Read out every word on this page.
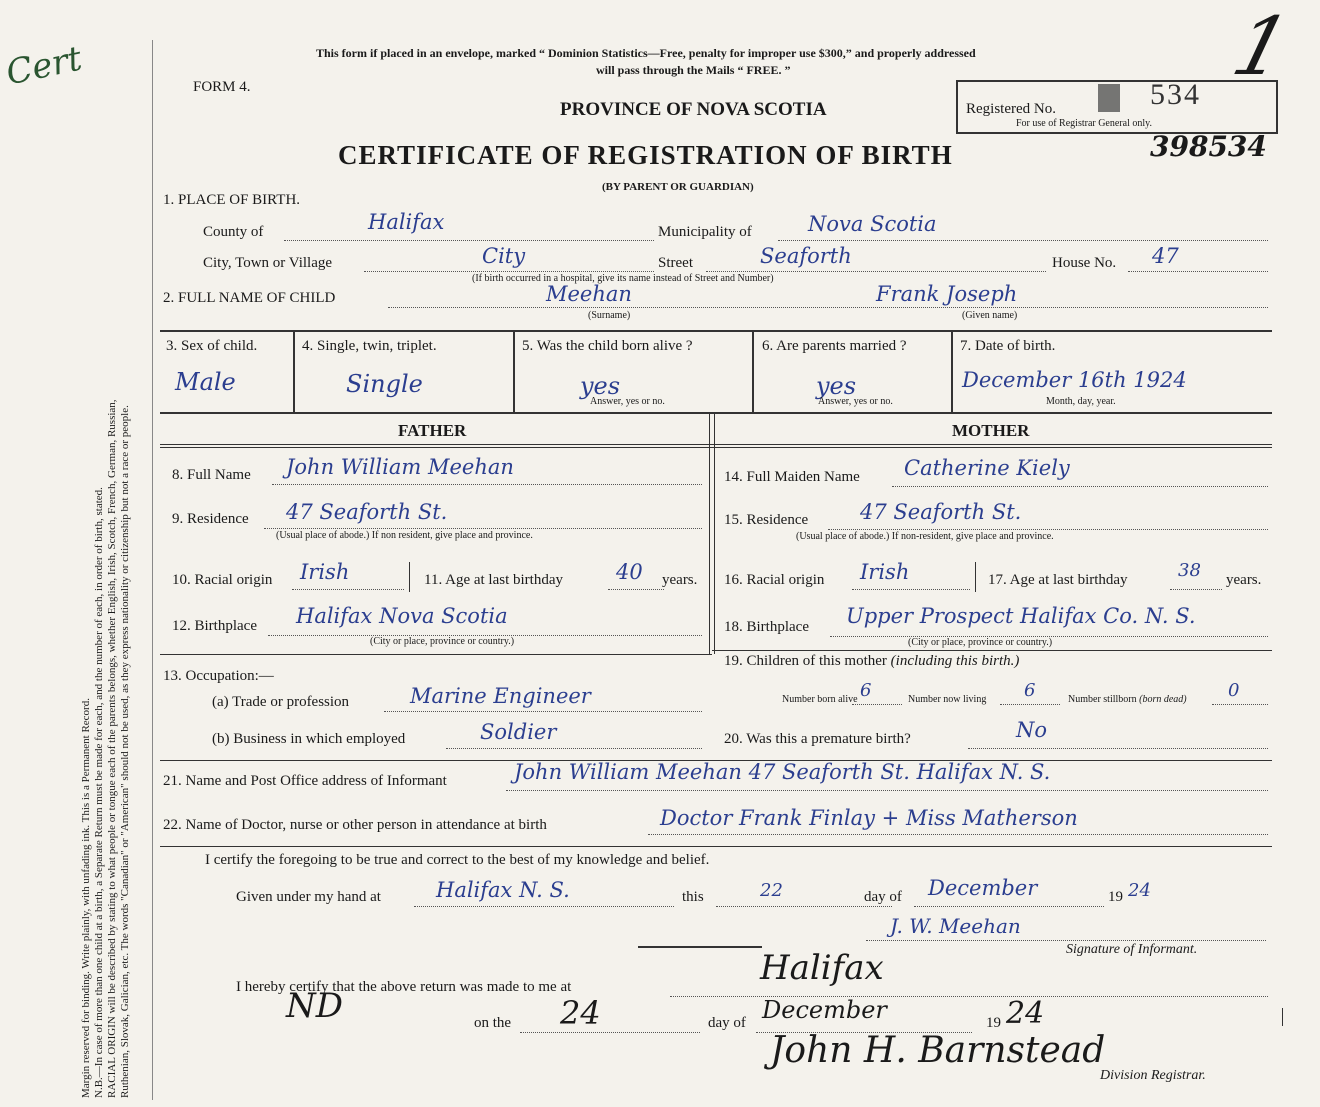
Cert
Margin reserved for binding. Write plainly, with unfading ink. This is a Permanent Record. N.B.—In case of more than one child at a birth, a Separate Return must be made for each, and the number of each, in order of birth, stated. RACIAL ORIGIN will be described by stating to what people or tongue each of the parents belongs, whether English, Irish, Scotch, French, German, Russian, Ruthenian, Slovak, Galician, etc. The words "Canadian" or "American" should not be used, as they express nationality or citizenship but not a race or people.
This form if placed in an envelope, marked “ Dominion Statistics—Free, penalty for improper use $300,” and properly addressed
will pass through the Mails “ FREE. ”
FORM 4.
PROVINCE OF NOVA SCOTIA
CERTIFICATE OF REGISTRATION OF BIRTH
(BY PARENT OR GUARDIAN)
Registered No.	534
For use of Registrar General only.
398534
1
1. PLACE OF BIRTH.
County of	Halifax	Municipality of	Nova Scotia
City, Town or Village	City	Street	Seaforth	House No. 47
(If birth occurred in a hospital, give its name instead of Street and Number)
2. FULL NAME OF CHILD	Meehan
(Surname)
Frank Joseph
(Given name)
3. Sex of child.
Male
4. Single, twin, triplet.
Single
5. Was the child born alive ?
yes
Answer, yes or no.
6. Are parents married ?
yes
Answer, yes or no.
7. Date of birth.
December 16th 1924
Month, day, year.
FATHER	MOTHER
8. Full Name John William Meehan
9. Residence 47 Seaforth St.
(Usual place of abode.) If non resident, give place and province.
10. Racial origin Irish	11. Age at last birthday	40 years.
12. Birthplace Halifax Nova Scotia
(City or place, province or country.)
13. Occupation:—
(a) Trade or profession	Marine Engineer
(b) Business in which employed	Soldier
14. Full Maiden Name Catherine Kiely
15. Residence 47 Seaforth St.
(Usual place of abode.) If non-resident, give place and province.
16. Racial origin Irish	17. Age at last birthday	38 years.
18. Birthplace Upper Prospect Halifax Co. N. S.
(City or place, province or country.)
19. Children of this mother (including this birth.)
Number born alive 6	Number now living 6	Number stillborn (born dead) 0
20. Was this a premature birth?	No
21. Name and Post Office address of Informant	John William Meehan 47 Seaforth St. Halifax N. S.
22. Name of Doctor, nurse or other person in attendance at birth	Doctor Frank Finlay + Miss Matherson
I certify the foregoing to be true and correct to the best of my knowledge and belief.
Given under my hand at	Halifax N. S.	this	22	day of December	19 24
J. W. Meehan
Signature of Informant.
I hereby certify that the above return was made to me at	Halifax
ND	on the 24	day of December	19 24
John H. Barnstead
Division Registrar.
